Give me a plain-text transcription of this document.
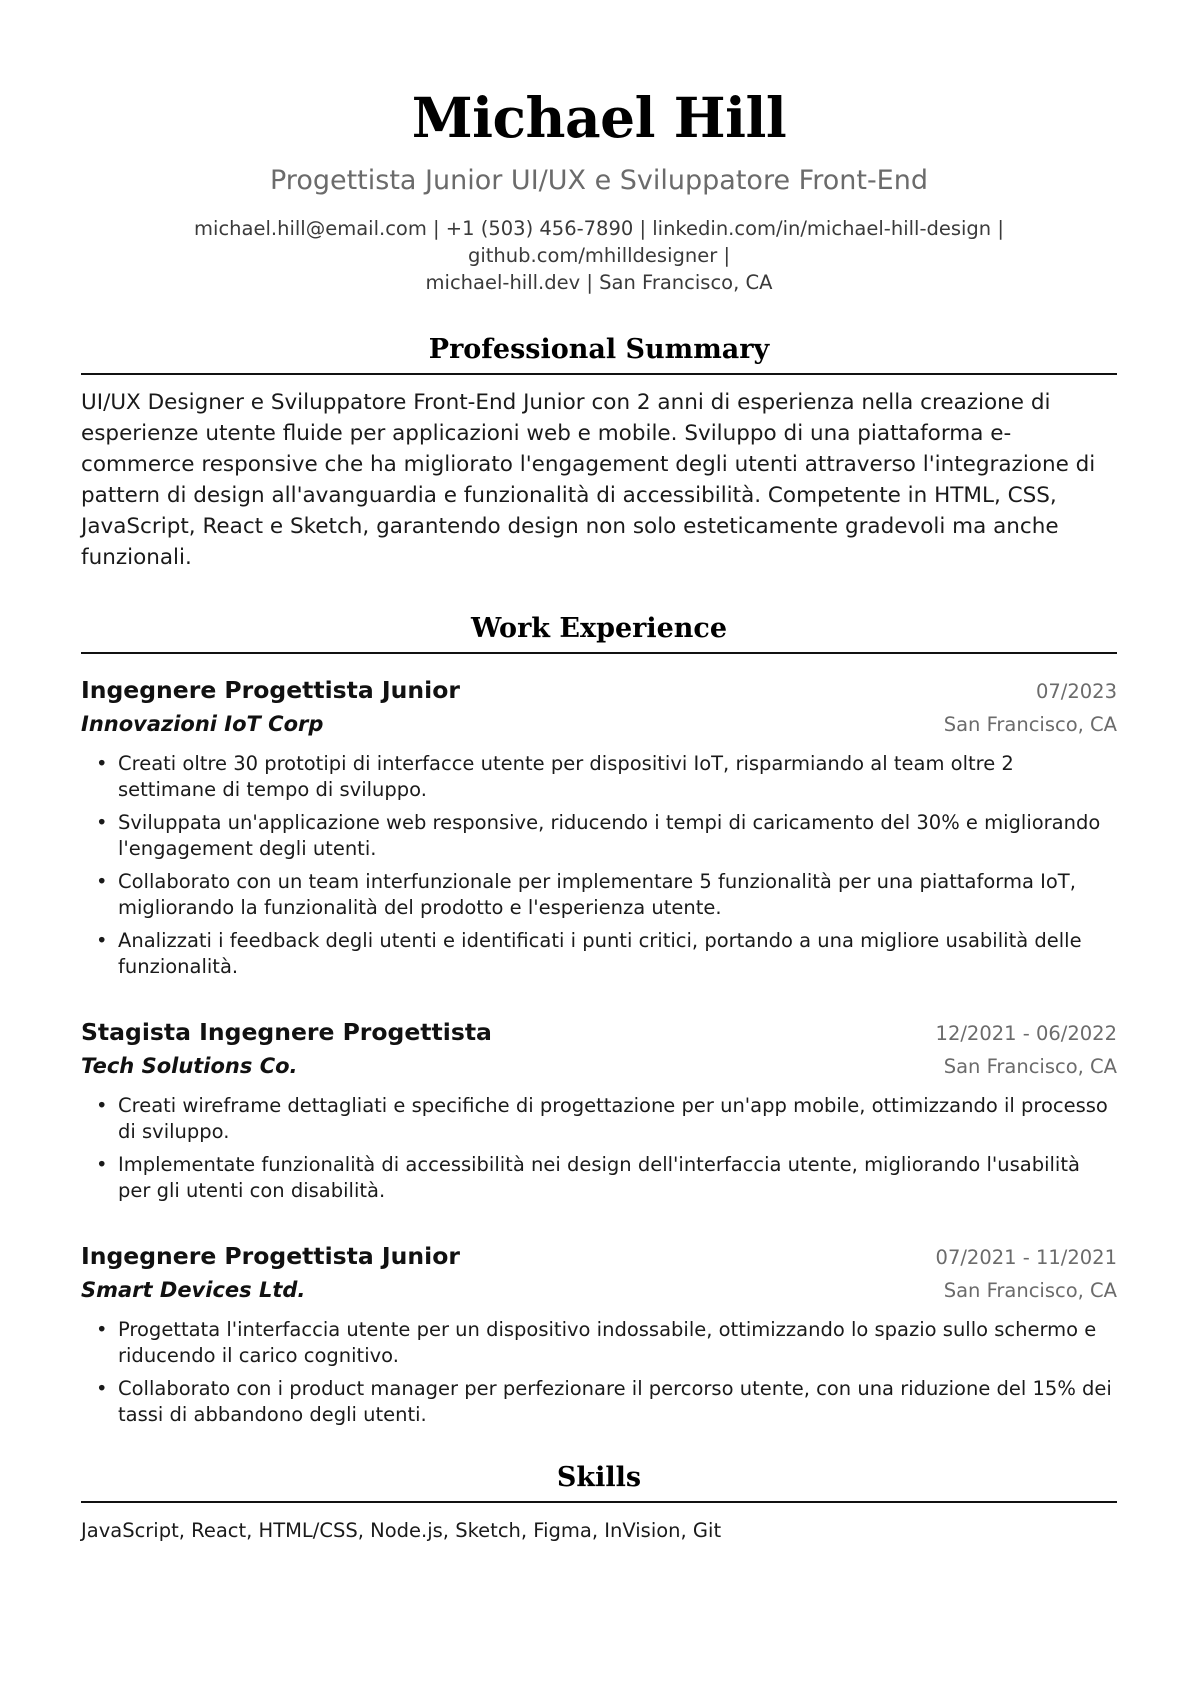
Michael Hill
Progettista Junior UI/UX e Sviluppatore Front-End
michael.hill@email.com | +1 (503) 456-7890 | linkedin.com/in/michael-hill-design | github.com/mhilldesigner |
michael-hill.dev | San Francisco, CA
Professional Summary
UI/UX Designer e Sviluppatore Front-End Junior con 2 anni di esperienza nella creazione di esperienze utente fluide per applicazioni web e mobile. Sviluppo di una piattaforma e-commerce responsive che ha migliorato l'engagement degli utenti attraverso l'integrazione di pattern di design all'avanguardia e funzionalità di accessibilità. Competente in HTML, CSS, JavaScript, React e Sketch, garantendo design non solo esteticamente gradevoli ma anche funzionali.
Work Experience
Ingegnere Progettista Junior	07/2023
Innovazioni IoT Corp	San Francisco, CA
• Creati oltre 30 prototipi di interfacce utente per dispositivi IoT, risparmiando al team oltre 2 settimane di tempo di sviluppo.
• Sviluppata un'applicazione web responsive, riducendo i tempi di caricamento del 30% e migliorando l'engagement degli utenti.
• Collaborato con un team interfunzionale per implementare 5 funzionalità per una piattaforma IoT, migliorando la funzionalità del prodotto e l'esperienza utente.
• Analizzati i feedback degli utenti e identificati i punti critici, portando a una migliore usabilità delle funzionalità.
Stagista Ingegnere Progettista	12/2021 - 06/2022
Tech Solutions Co.	San Francisco, CA
• Creati wireframe dettagliati e specifiche di progettazione per un'app mobile, ottimizzando il processo di sviluppo.
• Implementate funzionalità di accessibilità nei design dell'interfaccia utente, migliorando l'usabilità per gli utenti con disabilità.
Ingegnere Progettista Junior	07/2021 - 11/2021
Smart Devices Ltd.	San Francisco, CA
• Progettata l'interfaccia utente per un dispositivo indossabile, ottimizzando lo spazio sullo schermo e riducendo il carico cognitivo.
• Collaborato con i product manager per perfezionare il percorso utente, con una riduzione del 15% dei tassi di abbandono degli utenti.
Skills
JavaScript, React, HTML/CSS, Node.js, Sketch, Figma, InVision, Git
